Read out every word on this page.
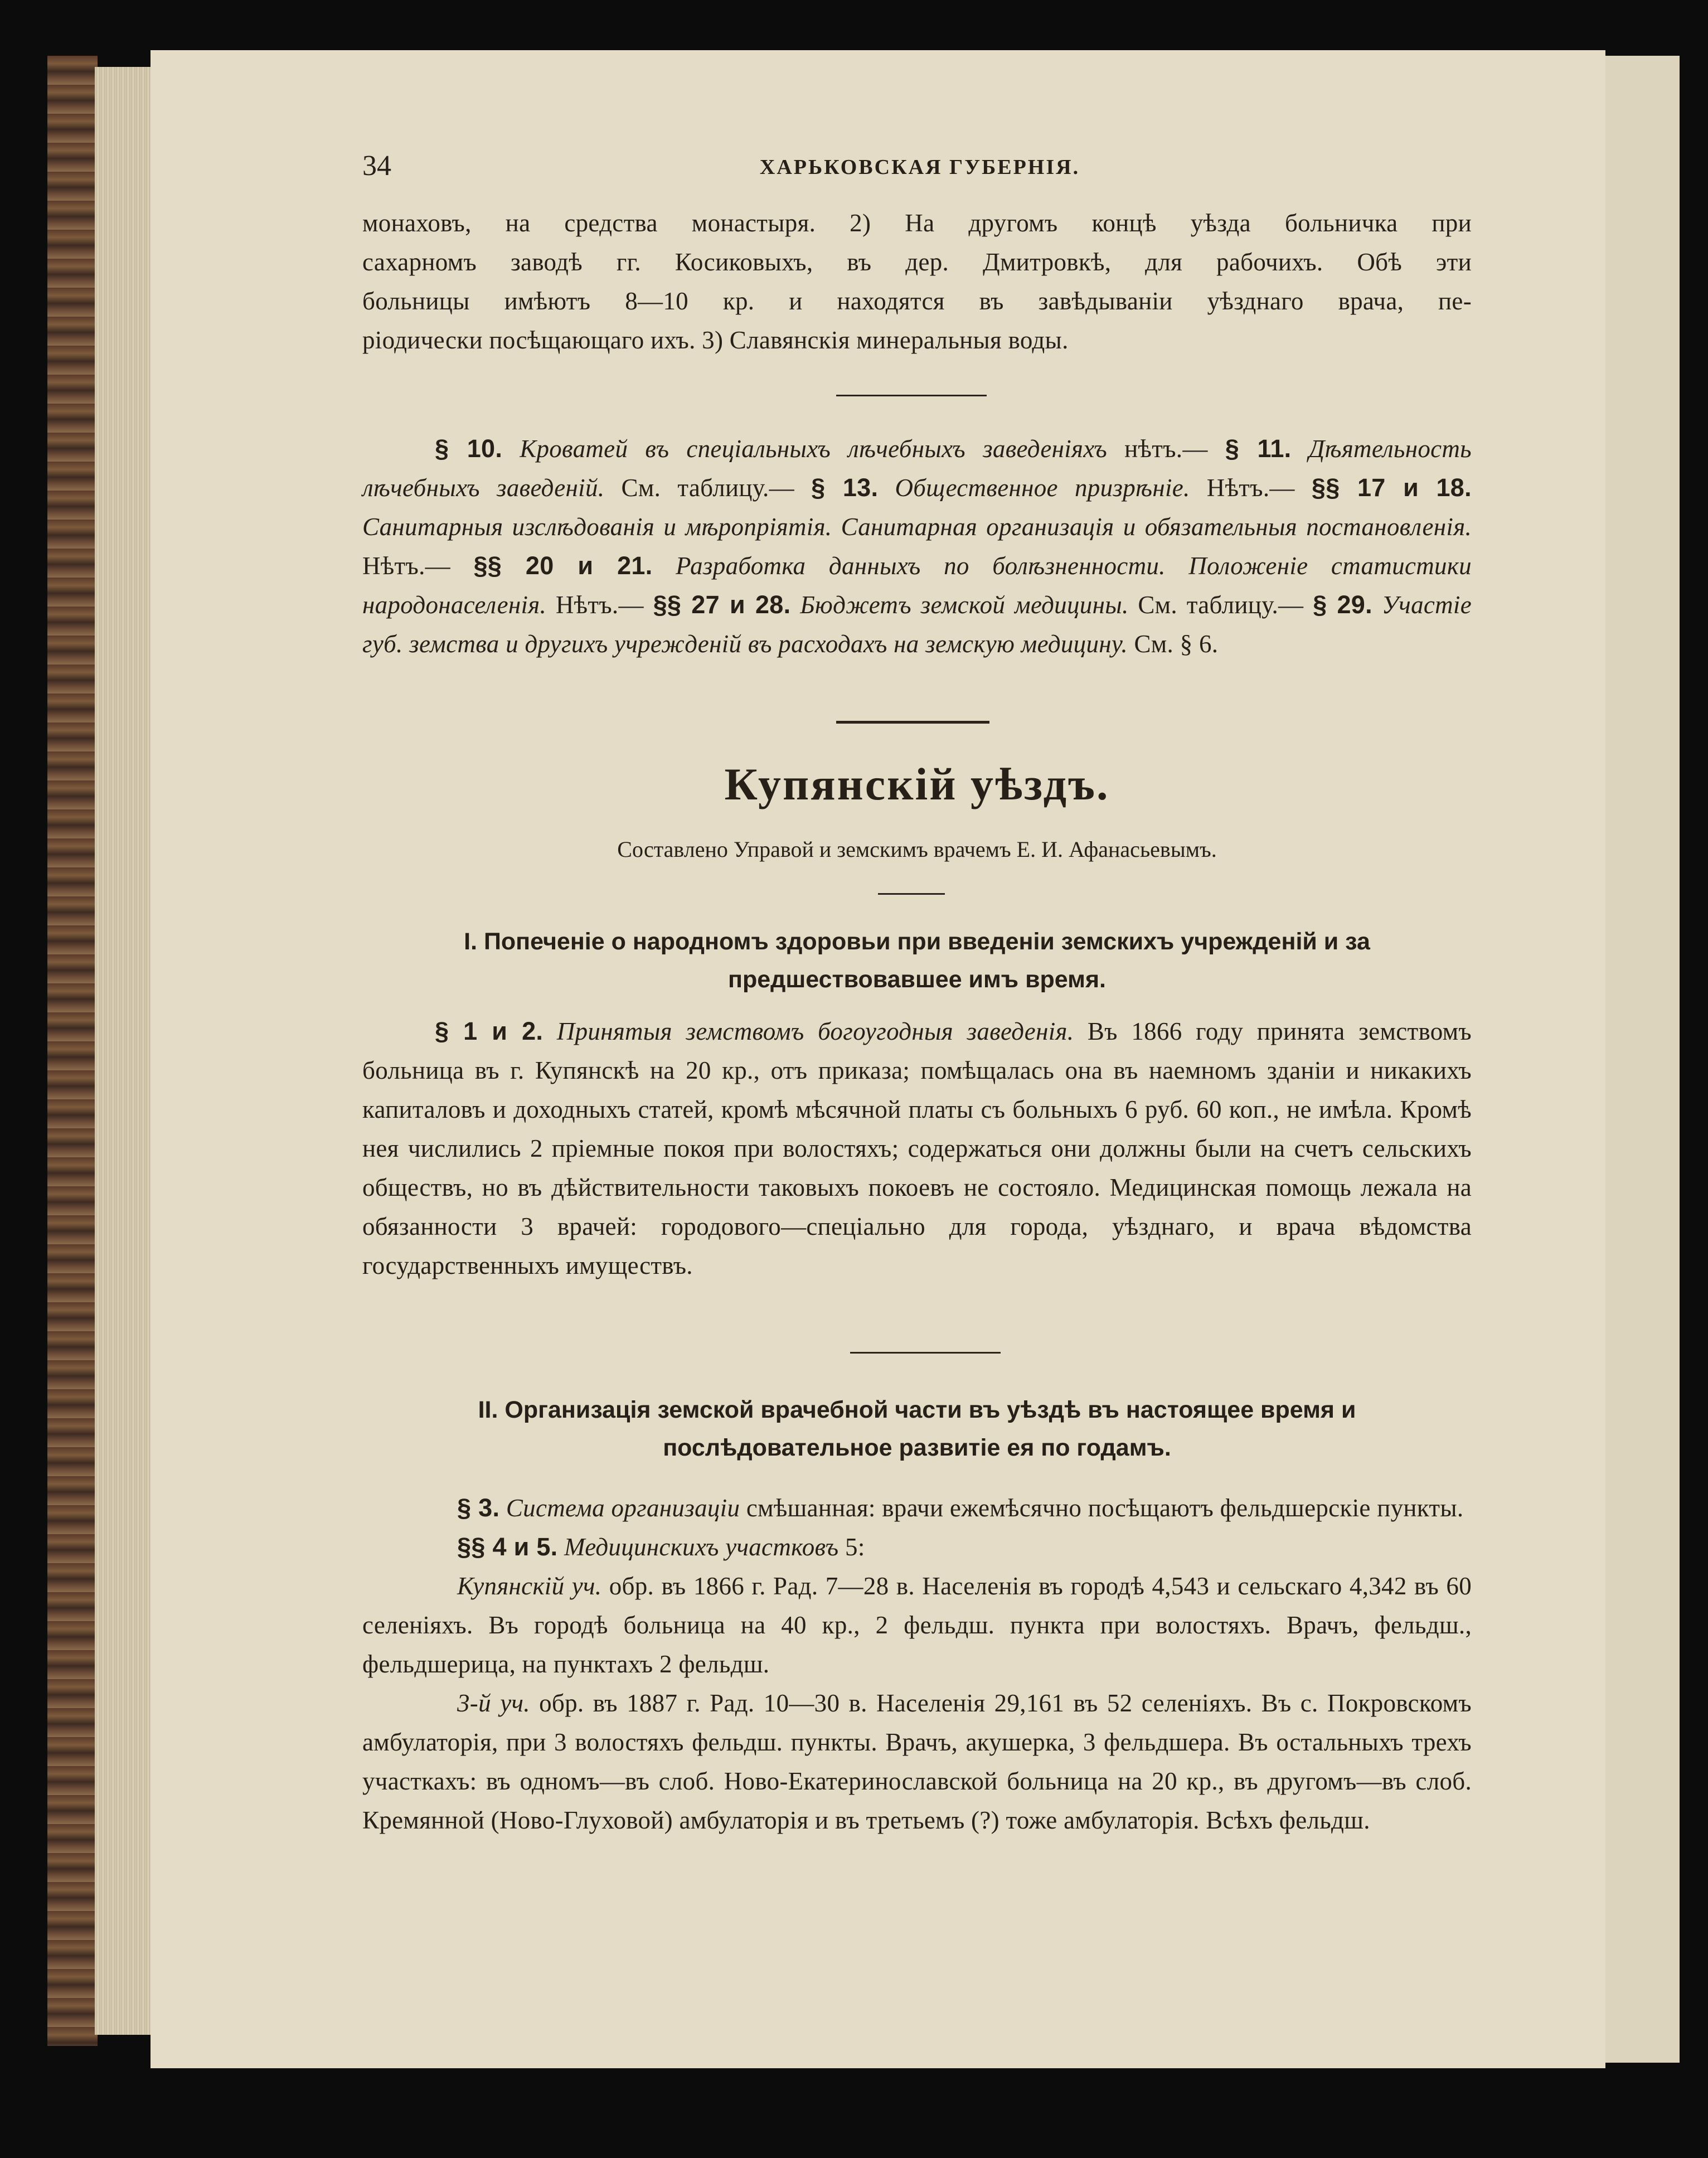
34	ХАРЬКОВСКАЯ ГУБЕРНІЯ.

монаховъ, на средства монастыря. 2) На другомъ концѣ уѣзда больничка при

сахарномъ заводѣ гг. Косиковыхъ, въ дер. Дмитровкѣ, для рабочихъ. Обѣ эти

больницы имѣютъ 8—10 кр. и находятся въ завѣдываніи уѣзднаго врача, пе-

ріодически посѣщающаго ихъ. 3) Славянскія минеральныя воды.

§ 10. Кроватей въ спеціальныхъ лѣчебныхъ заведеніяхъ нѣтъ.— § 11. Дѣятельность лѣчебныхъ заведеній. См. таблицу.— § 13. Общественное призрѣніе. Нѣтъ.— §§ 17 и 18. Санитарныя изслѣдованія и мѣропріятія. Санитарная организація и обязательныя постановленія. Нѣтъ.— §§ 20 и 21. Разработка данныхъ по болѣзненности. Положеніе статистики народонаселенія. Нѣтъ.— §§ 27 и 28. Бюджетъ земской медицины. См. таблицу.— § 29. Участіе губ. земства и другихъ учрежденій въ расходахъ на земскую медицину. См. § 6.

Купянскій уѣздъ.
Составлено Управой и земскимъ врачемъ Е. И. Афанасьевымъ.
I. Попеченіе о народномъ здоровьи при введеніи земскихъ учрежденій и за предшествовавшее имъ время.

§ 1 и 2. Принятыя земствомъ богоугодныя заведенія. Въ 1866 году принята земствомъ больница въ г. Купянскѣ на 20 кр., отъ приказа; помѣщалась она въ наемномъ зданіи и никакихъ капиталовъ и доходныхъ статей, кромѣ мѣсячной платы съ больныхъ 6 руб. 60 коп., не имѣла. Кромѣ нея числились 2 пріемные покоя при волостяхъ; содержаться они должны были на счетъ сельскихъ обществъ, но въ дѣйствительности таковыхъ покоевъ не состояло. Медицинская помощь лежала на обязанности 3 врачей: городового—спеціально для города, уѣзднаго, и врача вѣдомства государственныхъ имуществъ.

II. Организація земской врачебной части въ уѣздѣ въ настоящее время и послѣдовательное развитіе ея по годамъ.

§ 3. Система организаціи смѣшанная: врачи ежемѣсячно посѣщаютъ фельдшерскіе пункты.

§§ 4 и 5. Медицинскихъ участковъ 5:

Купянскій уч. обр. въ 1866 г. Рад. 7—28 в. Населенія въ городѣ 4,543 и сельскаго 4,342 въ 60 селеніяхъ. Въ городѣ больница на 40 кр., 2 фельдш. пункта при волостяхъ. Врачъ, фельдш., фельдшерица, на пунктахъ 2 фельдш.

3-й уч. обр. въ 1887 г. Рад. 10—30 в. Населенія 29,161 въ 52 селеніяхъ. Въ с. Покровскомъ амбулаторія, при 3 волостяхъ фельдш. пункты. Врачъ, акушерка, 3 фельдшера. Въ остальныхъ трехъ участкахъ: въ одномъ—въ слоб. Ново-Екатеринославской больница на 20 кр., въ другомъ—въ слоб. Кремянной (Ново-Глуховой) амбулаторія и въ третьемъ (?) тоже амбулаторія. Всѣхъ фельдш.
